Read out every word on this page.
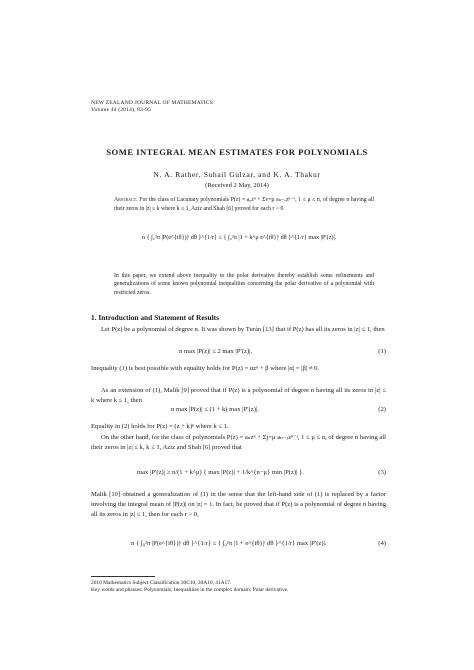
NEW ZEALAND JOURNAL OF MATHEMATICS
Volume 44 (2014), 83-95
SOME INTEGRAL MEAN ESTIMATES FOR POLYNOMIALS
N. A. Rather, Suhail Gulzar, and K. A. Thakur
(Received 2 May, 2014)

Abstract. For the class of Lacunary polynomials P(z) = a₀zⁿ + Σν=μ aₙ₋ᵥzⁿ⁻ᵛ, 1 ≤ μ ≤ n, of degree n having all their zeros in |z| ≤ k where k ≤ 1, Aziz and Shah [6] proved for each r > 0

n { ∫₀²π |P(e^{iθ})|ʳ dθ }^{1/r} ≤ { ∫₀²π |1 + k^μ e^{iθ}|ʳ dθ }^{1/r} max |P′(z)|.

In this paper, we extend above inequality to the polar derivative thereby establish some refinements and generalizations of some known polynomial inequalities concerning the polar derivative of a polynomial with restricted zeros.

1. Introduction and Statement of Results

Let P(z) be a polynomial of degree n. It was shown by Turán [13] that if P(z) has all its zeros in |z| ≤ 1, then

n max |P(z)| ≤ 2 max |P′(z)|.	(1)

Inequality (1) is best possible with equality holds for P(z) = αzⁿ + β where |α| = |β| ≠ 0.

As an extension of (1), Malik [9] proved that if P(z) is a polynomial of degree n having all its zeros in |z| ≤ k where k ≤ 1, then

n max |P(z)| ≤ (1 + k) max |P′(z)|.	(2)

Equality in (2) holds for P(z) = (z + k)ⁿ where k ≤ 1.

On the other hand, for the class of polynomials P(z) = aₙzⁿ + Σj=μ aₙ₋ⱼzⁿ⁻ʲ, 1 ≤ μ ≤ n, of degree n having all their zeros in |z| ≤ k, k ≤ 1, Aziz and Shah [6] proved that

max |P′(z)| ≥ n/(1 + k^μ) { max |P(z)| + 1/k^{n−μ} min |P(z)| }.	(3)

Malik [10] obtained a generalization of (1) in the sense that the left-hand side of (1) is replaced by a factor involving the integral mean of |P(z)| on |z| = 1. In fact, he proved that if P(z) is a polynomial of degree n having all its zeros in |z| ≤ 1, then for each r > 0,

n { ∫₀²π |P(e^{iθ})|ʳ dθ }^{1/r} ≤ { ∫₀²π |1 + e^{iθ}|ʳ dθ }^{1/r} max |P′(z)|.	(4)
2010 Mathematics Subject Classification 30C10, 30A10, 41A17.
Key words and phrases: Polynomials; Inequalities in the complex domain; Polar derivative.
